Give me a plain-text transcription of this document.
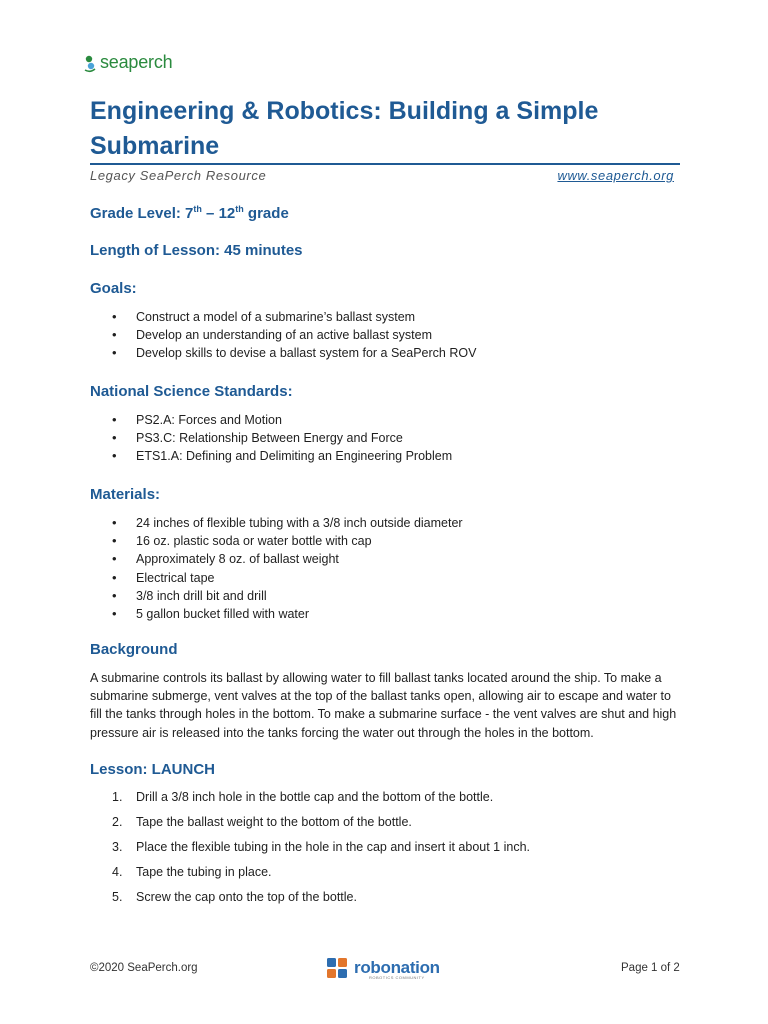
seaperch
Engineering & Robotics: Building a Simple Submarine
Legacy SeaPerch Resource	www.seaperch.org
Grade Level: 7th – 12th grade
Length of Lesson: 45 minutes
Goals:
• Construct a model of a submarine’s ballast system
• Develop an understanding of an active ballast system
• Develop skills to devise a ballast system for a SeaPerch ROV
National Science Standards:
• PS2.A: Forces and Motion
• PS3.C: Relationship Between Energy and Force
• ETS1.A: Defining and Delimiting an Engineering Problem
Materials:
• 24 inches of flexible tubing with a 3/8 inch outside diameter
• 16 oz. plastic soda or water bottle with cap
• Approximately 8 oz. of ballast weight
• Electrical tape
• 3/8 inch drill bit and drill
• 5 gallon bucket filled with water
Background

A submarine controls its ballast by allowing water to fill ballast tanks located around the ship. To make a submarine submerge, vent valves at the top of the ballast tanks open, allowing air to escape and water to fill the tanks through holes in the bottom. To make a submarine surface - the vent valves are shut and high pressure air is released into the tanks forcing the water out through the holes in the bottom.

Lesson: LAUNCH
1.	Drill a 3/8 inch hole in the bottle cap and the bottom of the bottle.
2.	Tape the ballast weight to the bottom of the bottle.
3.	Place the flexible tubing in the hole in the cap and insert it about 1 inch.
4.	Tape the tubing in place.
5.	Screw the cap onto the top of the bottle.
©2020 SeaPerch.org	robonation
ROBOTICS COMMUNITY
Page 1 of 2
